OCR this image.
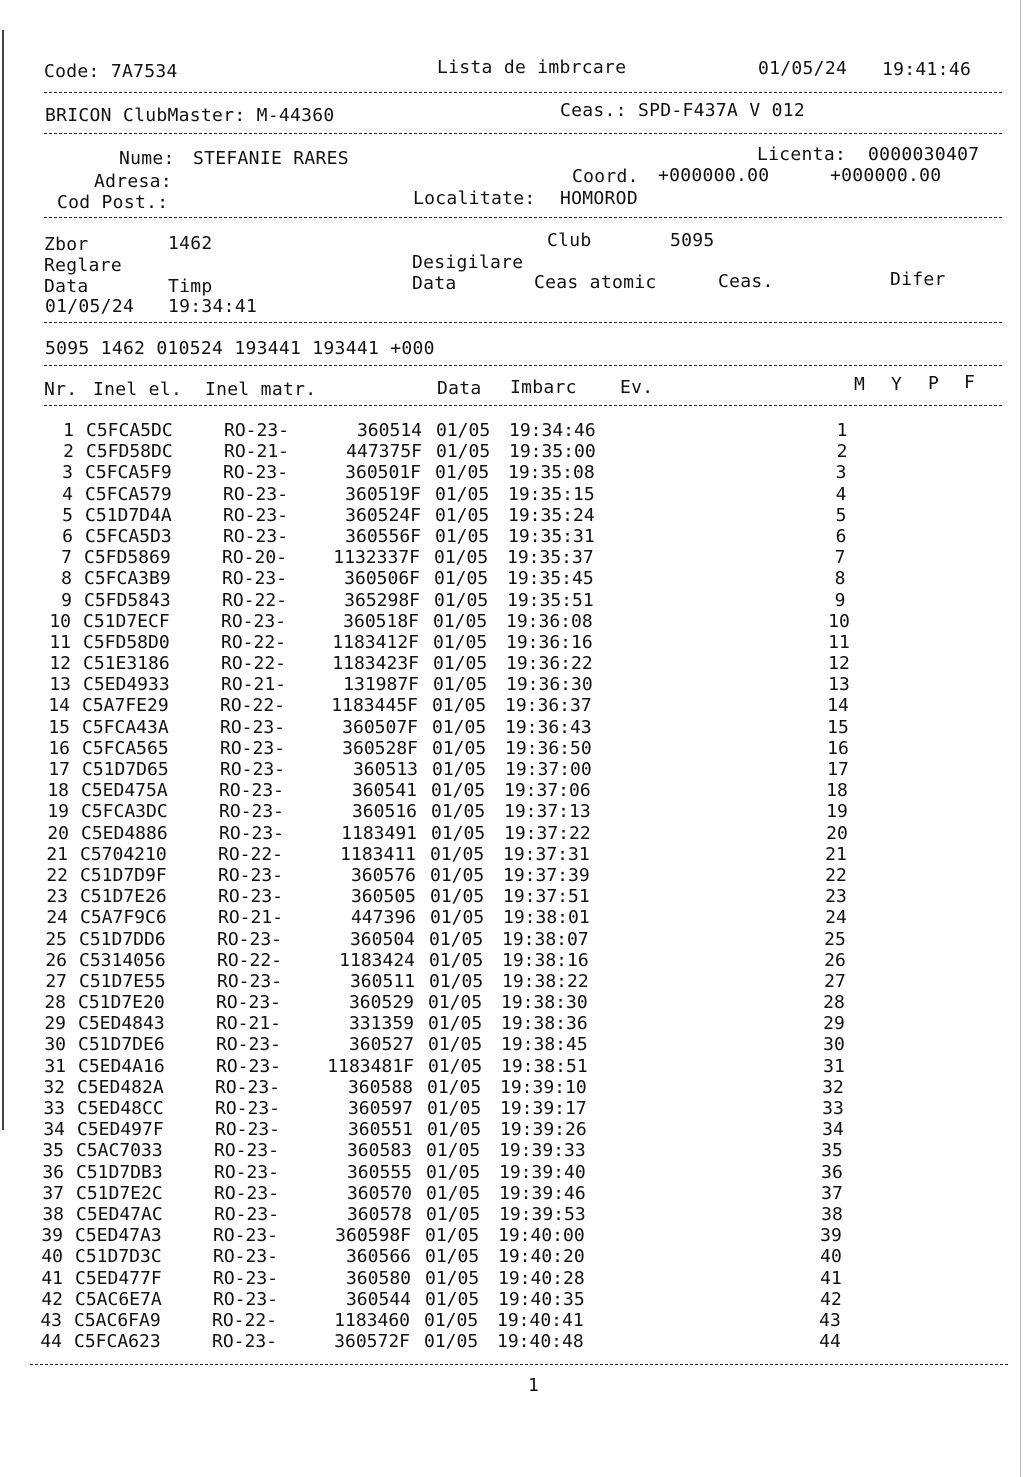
Code: 7A7534	Lista de imbrcare	01/05/24 19:41:46
BRICON ClubMaster: M-44360	Ceas.: SPD-F437A V 012
Nume: STEFANIE RARES	Licenta: 0000030407
Adresa:	Coord. +000000.00	+000000.00
Cod Post.:	Localitate: HOMOROD
Zbor	1462	Club	5095
Reglare	Desigilare
Data	Timp	Data	Ceas atomic	Ceas.	Difer
01/05/24 19:34:41
5095 1462 010524 193441 193441 +000
Nr. Inel el. Inel matr.	Data Imbarc Ev.	M Y P F
1 C5FCA5DC	RO-23-	360514 01/05 19:34:46	1
2 C5FD58DC	RO-21-	447375F 01/05 19:35:00	2
3 C5FCA5F9	RO-23-	360501F 01/05 19:35:08	3
4 C5FCA579	RO-23-	360519F 01/05 19:35:15	4
5 C51D7D4A	RO-23-	360524F 01/05 19:35:24	5
6 C5FCA5D3	RO-23-	360556F 01/05 19:35:31	6
7 C5FD5869	RO-20-	1132337F 01/05 19:35:37	7
8 C5FCA3B9	RO-23-	360506F 01/05 19:35:45	8
9 C5FD5843	RO-22-	365298F 01/05 19:35:51	9
10 C51D7ECF	RO-23-	360518F 01/05 19:36:08	10
11 C5FD58D0	RO-22-	1183412F 01/05 19:36:16	11
12 C51E3186	RO-22-	1183423F 01/05 19:36:22	12
13 C5ED4933	RO-21-	131987F 01/05 19:36:30	13
14 C5A7FE29	RO-22-	1183445F 01/05 19:36:37	14
15 C5FCA43A	RO-23-	360507F 01/05 19:36:43	15
16 C5FCA565	RO-23-	360528F 01/05 19:36:50	16
17 C51D7D65	RO-23-	360513 01/05 19:37:00	17
18 C5ED475A	RO-23-	360541 01/05 19:37:06	18
19 C5FCA3DC	RO-23-	360516 01/05 19:37:13	19
20 C5ED4886	RO-23-	1183491 01/05 19:37:22	20
21 C5704210	RO-22-	1183411 01/05 19:37:31	21
22 C51D7D9F	RO-23-	360576 01/05 19:37:39	22
23 C51D7E26	RO-23-	360505 01/05 19:37:51	23
24 C5A7F9C6	RO-21-	447396 01/05 19:38:01	24
25 C51D7DD6	RO-23-	360504 01/05 19:38:07	25
26 C5314056	RO-22-	1183424 01/05 19:38:16	26
27 C51D7E55	RO-23-	360511 01/05 19:38:22	27
28 C51D7E20	RO-23-	360529 01/05 19:38:30	28
29 C5ED4843	RO-21-	331359 01/05 19:38:36	29
30 C51D7DE6	RO-23-	360527 01/05 19:38:45	30
31 C5ED4A16	RO-23-	1183481F 01/05 19:38:51	31
32 C5ED482A	RO-23-	360588 01/05 19:39:10	32
33 C5ED48CC	RO-23-	360597 01/05 19:39:17	33
34 C5ED497F	RO-23-	360551 01/05 19:39:26	34
35 C5AC7033	RO-23-	360583 01/05 19:39:33	35
36 C51D7DB3	RO-23-	360555 01/05 19:39:40	36
37 C51D7E2C	RO-23-	360570 01/05 19:39:46	37
38 C5ED47AC	RO-23-	360578 01/05 19:39:53	38
39 C5ED47A3	RO-23-	360598F 01/05 19:40:00	39
40 C51D7D3C	RO-23-	360566 01/05 19:40:20	40
41 C5ED477F	RO-23-	360580 01/05 19:40:28	41
42 C5AC6E7A	RO-23-	360544 01/05 19:40:35	42
43 C5AC6FA9	RO-22-	1183460 01/05 19:40:41	43
44 C5FCA623	RO-23-	360572F 01/05 19:40:48	44
1
